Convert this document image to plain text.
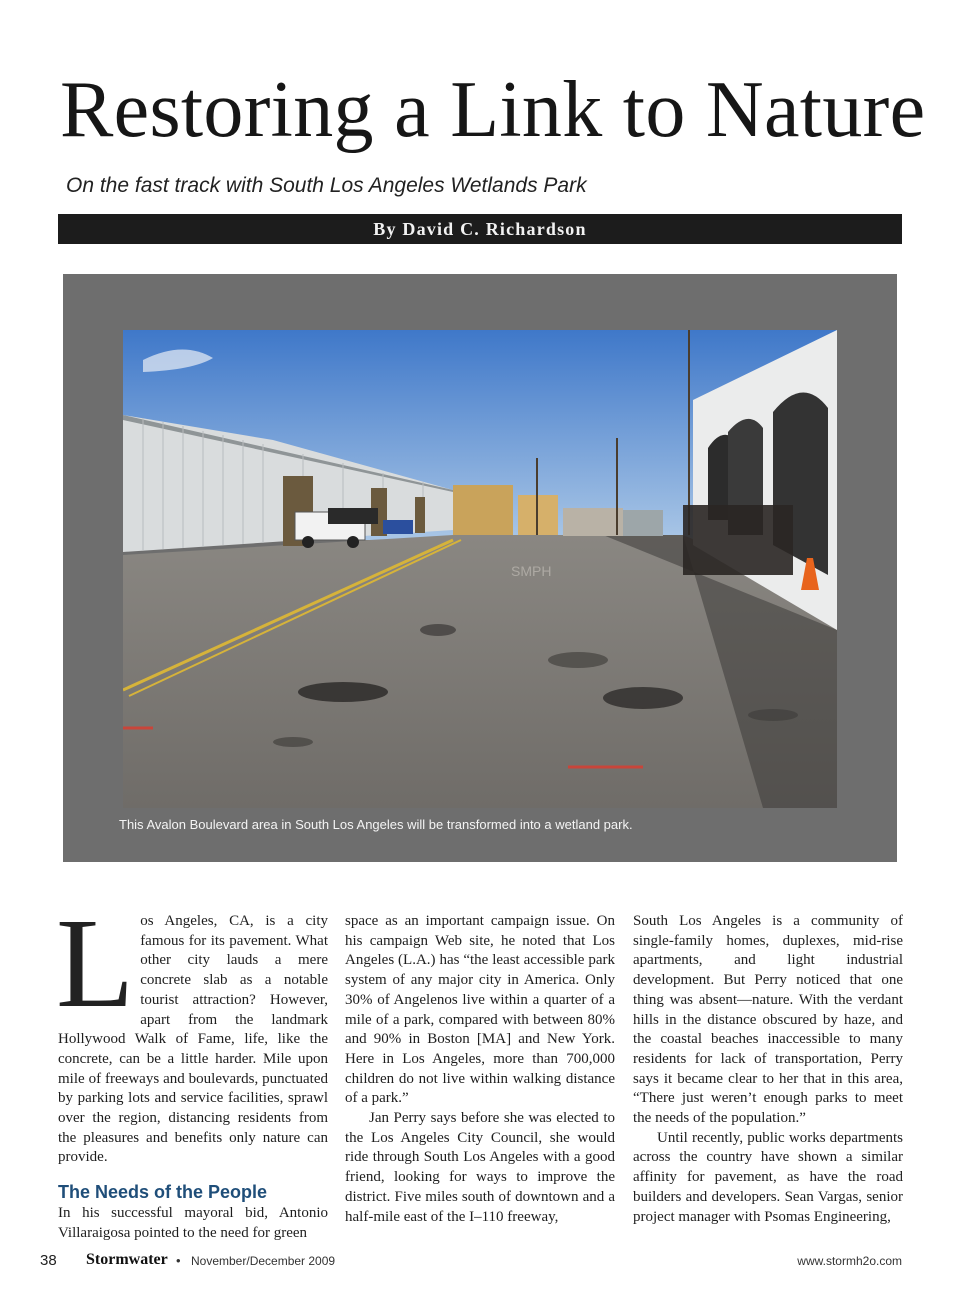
Restoring a Link to Nature
On the fast track with South Los Angeles Wetlands Park
By David C. Richardson
SMPH
This Avalon Boulevard area in South Los Angeles will be transformed into a wetland park.
L os Angeles, CA, is a city famous for its pavement. What other city lauds a mere concrete slab as a notable tourist attraction? However, apart from the landmark Hollywood Walk of Fame, life, like the concrete, can be a little harder. Mile upon mile of freeways and boulevards, punctuated by parking lots and service facilities, sprawl over the region, distancing residents from the pleasures and benefits only nature can provide.

The Needs of the People

In his successful mayoral bid, Antonio Villaraigosa pointed to the need for green

space as an important campaign issue. On his campaign Web site, he noted that Los Angeles (L.A.) has “the least accessible park system of any major city in America. Only 30% of Angelenos live within a quarter of a mile of a park, compared with between 80% and 90% in Boston [MA] and New York. Here in Los Angeles, more than 700,000 children do not live within walking distance of a park.”

Jan Perry says before she was elected to the Los Angeles City Council, she would ride through South Los Angeles with a good friend, looking for ways to improve the district. Five miles south of downtown and a half-mile east of the I–110 freeway,

South Los Angeles is a community of single-family homes, duplexes, mid-rise apartments, and light industrial development. But Perry noticed that one thing was absent—nature. With the verdant hills in the distance obscured by haze, and the coastal beaches inaccessible to many residents for lack of transportation, Perry says it became clear to her that in this area, “There just weren’t enough parks to meet the needs of the population.”

Until recently, public works departments across the country have shown a similar affinity for pavement, as have the road builders and developers. Sean Vargas, senior project manager with Psomas Engineering,

38 Stormwater • November/December 2009	www.stormh2o.com
